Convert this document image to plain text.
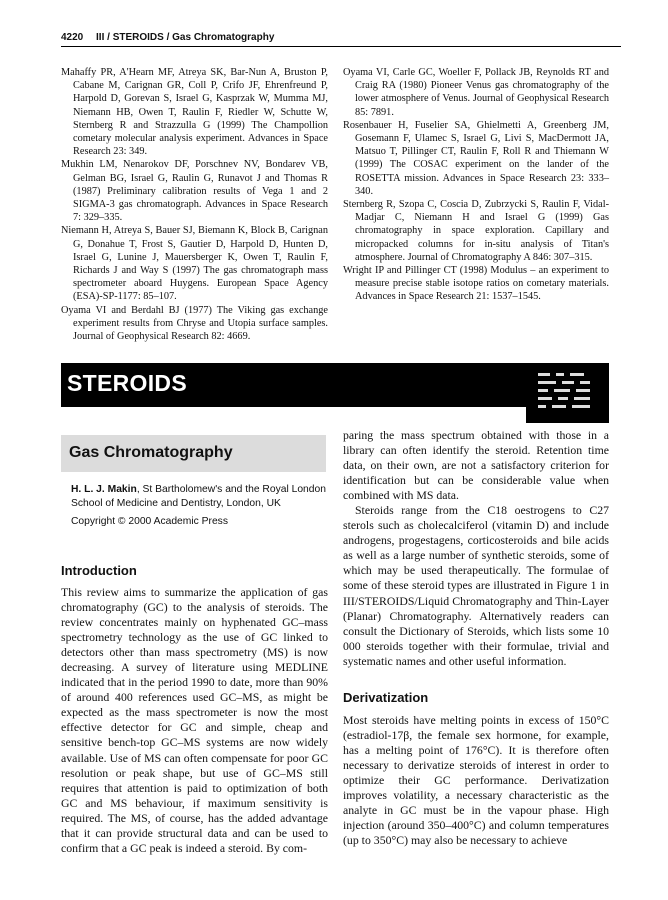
4220 III / STEROIDS / Gas Chromatography

Mahaffy PR, A'Hearn MF, Atreya SK, Bar-Nun A, Bruston P, Cabane M, Carignan GR, Coll P, Crifo JF, Ehrenfreund P, Harpold D, Gorevan S, Israel G, Kasprzak W, Mumma MJ, Niemann HB, Owen T, Raulin F, Riedler W, Schutte W, Sternberg R and Strazzulla G (1999) The Champollion cometary molecular analysis experiment. Advances in Space Research 23: 349.

Mukhin LM, Nenarokov DF, Porschnev NV, Bondarev VB, Gelman BG, Israel G, Raulin G, Runavot J and Thomas R (1987) Preliminary calibration results of Vega 1 and 2 SIGMA-3 gas chromatograph. Advances in Space Research 7: 329–335.

Niemann H, Atreya S, Bauer SJ, Biemann K, Block B, Carignan G, Donahue T, Frost S, Gautier D, Harpold D, Hunten D, Israel G, Lunine J, Mauersberger K, Owen T, Raulin F, Richards J and Way S (1997) The gas chromatograph mass spectrometer aboard Huygens. European Space Agency (ESA)-SP-1177: 85–107.

Oyama VI and Berdahl BJ (1977) The Viking gas exchange experiment results from Chryse and Utopia surface samples. Journal of Geophysical Research 82: 4669.

Oyama VI, Carle GC, Woeller F, Pollack JB, Reynolds RT and Craig RA (1980) Pioneer Venus gas chromatography of the lower atmosphere of Venus. Journal of Geophysical Research 85: 7891.

Rosenbauer H, Fuselier SA, Ghielmetti A, Greenberg JM, Gosemann F, Ulamec S, Israel G, Livi S, MacDermott JA, Matsuo T, Pillinger CT, Raulin F, Roll R and Thiemann W (1999) The COSAC experiment on the lander of the ROSETTA mission. Advances in Space Research 23: 333–340.

Sternberg R, Szopa C, Coscia D, Zubrzycki S, Raulin F, Vidal-Madjar C, Niemann H and Israel G (1999) Gas chromatography in space exploration. Capillary and micropacked columns for in-situ analysis of Titan's atmosphere. Journal of Chromatography A 846: 307–315.

Wright IP and Pillinger CT (1998) Modulus – an experiment to measure precise stable isotope ratios on cometary materials. Advances in Space Research 21: 1537–1545.

STEROIDS
Gas Chromatography
H. L. J. Makin, St Bartholomew's and the Royal London School of Medicine and Dentistry, London, UK
Copyright © 2000 Academic Press
Introduction

This review aims to summarize the application of gas chromatography (GC) to the analysis of steroids. The review concentrates mainly on hyphenated GC–mass spectrometry technology as the use of GC linked to detectors other than mass spectrometry (MS) is now decreasing. A survey of literature using MEDLINE indicated that in the period 1990 to date, more than 90% of around 400 references used GC–MS, as might be expected as the mass spectrometer is now the most effective detector for GC and simple, cheap and sensitive bench-top GC–MS systems are now widely available. Use of MS can often compensate for poor GC resolution or peak shape, but use of GC–MS still requires that attention is paid to optimization of both GC and MS behaviour, if maximum sensitivity is required. The MS, of course, has the added advantage that it can provide structural data and can be used to confirm that a GC peak is indeed a steroid. By com-

paring the mass spectrum obtained with those in a library can often identify the steroid. Retention time data, on their own, are not a satisfactory criterion for identification but can be considerable value when combined with MS data.

Steroids range from the C18 oestrogens to C27 sterols such as cholecalciferol (vitamin D) and include androgens, progestagens, corticosteroids and bile acids as well as a large number of synthetic steroids, some of which may be used therapeutically. The formulae of some of these steroid types are illustrated in Figure 1 in III/STEROIDS/Liquid Chromatography and Thin-Layer (Planar) Chromatography. Alternatively readers can consult the Dictionary of Steroids, which lists some 10 000 steroids together with their formulae, trivial and systematic names and other useful information.

Derivatization

Most steroids have melting points in excess of 150°C (estradiol-17β, the female sex hormone, for example, has a melting point of 176°C). It is therefore often necessary to derivatize steroids of interest in order to optimize their GC performance. Derivatization improves volatility, a necessary characteristic as the analyte in GC must be in the vapour phase. High injection (around 350–400°C) and column temperatures (up to 350°C) may also be necessary to achieve
